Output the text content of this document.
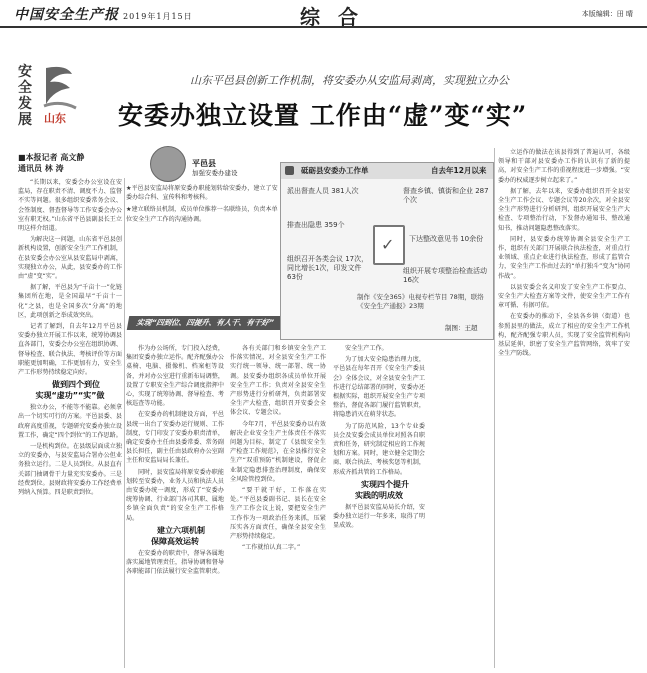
中国安全生产报 2019年1月15日	综合	本版编辑：田 晴
安全发展	山东
山东平邑县创新工作机制，将安委办从安监局剥离，实现独立办公
安委办独立设置 工作由“虚”变“实”
■本报记者 高文静
通讯员 林 涛

“长期以来，安委会办公室设在安监局，存在职责不清、调度不力、监督不实等问题。很多组织安委常务会议、会签制度、督查督导等工作安委会办公室有职无权。”山东省平邑县副县长王立明这样介绍道。

为解决这一问题，山东省平邑县创新机构设置，创新安全生产工作机制，在县安委会办公室从县安监局中剥离，实现独立办公，从此，县安委办的工作由“虚”变“实”。

据了解，平邑县为“千亩十一”化链集团所在地，是全国最早“千亩十一化”之县，也是全国多次“分离”的地区，此项创新之举成效突出。

记者了解到，自去年12月平邑县安委办独立开展工作以来，统筹协调县直各部门，安委会办公室在组织协调、督导检查、联合执法、考核评价等方面职能更加明确，工作更加有力，安全生产工作形势持续稳定向好。

做到四个到位
实现“虚功”“实”做

独立办公，不能等不能靠。必须拿出一个切实可行的方案。平邑县委、县政府高度重视，专题研究安委办独立设置工作，确定“四个到位”的工作思路。

一是机构到位。在县级层面成立独立的安委办，与县安监局合署办公但业务独立运行。二是人员到位。从县直有关部门抽调骨干力量充实安委办。三是经费到位。县财政将安委办工作经费单列纳入预算。四是职责到位。

平邑县
加强安委办建设

★平邑县安监局将原安委办职能划转给安委办，建立了安委办综合科、宣传科和考核科。

★建立联络员机制，成员单位推荐一名联络员，负责本单位安全生产工作的沟通协调。

实现“四到位、四提升、有人干、有干好”
砥砺县安委办工作单	自去年12月以来
派出督查人员 381人次	督查乡镇、镇街和企业 287个次
排查出隐患 359个
下达整改意见书 10余份
组织召开各类会议 17次，同比增长1次，印发文件63份
组织开展专项整治检查活动 16次
✓
制作《安全365》电视专栏节目 78期，联络《安全生产通报》23期
制图：王超

作为办公场所，专门投入经费，集团安委办独立运作。配齐配强办公桌椅、电脑、摄像机、档案柜等设备，并对办公室进行重新布局调整，设置了专职安全生产综合调度指挥中心，实现了统筹协调、督导检查、考核巡查等功能。

在安委办的机制建设方面，平邑县统一出台了安委办运行规则、工作制度，专门印发了安委办职责清单，确定安委办主任由县委常委、常务副县长担任，副主任由县政府办公室副主任和安监局局长兼任。

同时，县安监局将原安委办职能划转至安委办，业务人员和执法人员由安委办统一调度，形成了“安委办统筹协调、行业部门各司其职、属地乡镇全面负责”的安全生产工作格局。

建立六项机制
保障高效运转

在安委办的职责中，督导各属地落实属地管理责任，指导协调和督导各职能部门依法履行安全监管职责。

各有关部门和乡镇安全生产工作落实情况，对全县安全生产工作实行统一领导、统一部署、统一协调。县安委办组织各成员单位开展安全生产工作；负责对全县安全生产形势进行分析研判，负责部署安全生产大检查，组织召开安委会全体会议、专题会议。

今年7月，平邑县安委办以有效解决企业安全生产主体责任不落实问题为目标，制定了《县级安全生产检查工作规范》，在全县推行安全生产“双重预防”机制建设，督促企业制定隐患排查治理制度，确保安全风险管控到位。

“要干就干好，工作落在实处。”平邑县委副书记、县长在安全生产工作会议上说，要把安全生产工作作为一项政治任务来抓，压紧压实各方面责任，确保全县安全生产形势持续稳定。

“工作就怕认真二字。”

安全生产工作。

为了加大安全隐患治理力度，平邑县在每年召开《安全生产委员会》全体会议，对全县安全生产工作进行总结部署的同时，安委办还根据实际，组织开展安全生产专项整治，督促各部门履行监管职责，将隐患消灭在萌芽状态。

为了防范风险，13个专业委员会及安委会成员单位对照各自职责和任务，研究制定相应的工作规划和方案。同时，建立健全定期会商、联合执法、考核奖惩等机制，形成齐抓共管的工作格局。

实现四个提升
实践的明成效

据平邑县安监局局长介绍，安委办独立运行一年多来，取得了明显成效。

立运作的做法在该县得到了普遍认可，各级领导和干部对县安委办工作的认识有了新的提高，对安全生产工作的重视程度进一步增强。“安委办的权威逐步树立起来了。”

据了解，去年以来，安委办组织召开全县安全生产工作会议、专题会议等20余次，对全县安全生产形势进行分析研判，组织开展安全生产大检查、专项整治行动，下发督办通知书、整改通知书，推动问题隐患整改落实。

同时，县安委办统筹协调全县安全生产工作，组织有关部门开展联合执法检查，对重点行业领域、重点企业进行执法检查，形成了监管合力，安全生产工作由过去的“单打独斗”变为“协同作战”。

以县安委会名义印发了安全生产工作要点、安全生产大检查方案等文件，使安全生产工作有章可循、有据可依。

在安委办的推动下，全县各乡镇（街道）也参照县里的做法，成立了相应的安全生产工作机构，配齐配强专职人员，实现了安全监管机构向基层延伸，织密了安全生产监管网络，筑牢了安全生产防线。
